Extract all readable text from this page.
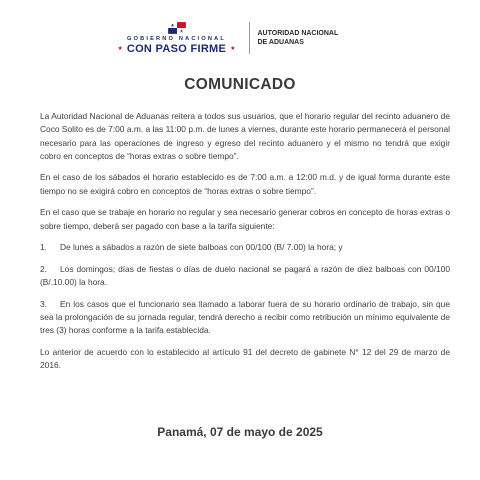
GOBIERNO NACIONAL
★ CON PASO FIRME ★
AUTORIDAD NACIONAL
DE ADUANAS
COMUNICADO

La Autoridad Nacional de Aduanas reitera a todos sus usuarios, que el horario regular del recinto aduanero de Coco Solito es de 7:00 a.m. a las 11:00 p.m. de lunes a viernes, durante este horario permanecerá el personal necesario para las operaciones de ingreso y egreso del recinto aduanero y el mismo no tendrá que exigir cobro en conceptos de “horas extras o sobre tiempo”.

En el caso de los sábados el horario establecido es de 7:00 a.m. a 12:00 m.d. y de igual forma durante este tiempo no se exigirá cobro en conceptos de “horas extras o sobre tiempo”.

En el caso que se trabaje en horario no regular y sea necesario generar cobros en concepto de horas extras o sobre tiempo, deberá ser pagado con base a la tarifa siguiente:

1. De lunes a sábados a razón de siete balboas con 00/100 (B/ 7.00) la hora; y

2. Los domingos; días de fiestas o días de duelo nacional se pagará a razón de diez balboas con 00/100 (B/.10.00) la hora.

3. En los casos que el funcionario sea llamado a laborar fuera de su horario ordinario de trabajo, sin que sea la prolongación de su jornada regular, tendrá derecho a recibir como retribución un mínimo equivalente de tres (3) horas conforme a la tarifa establecida.

Lo anterior de acuerdo con lo establecido al artículo 91 del decreto de gabinete N° 12 del 29 de marzo de 2016.

Panamá, 07 de mayo de 2025
